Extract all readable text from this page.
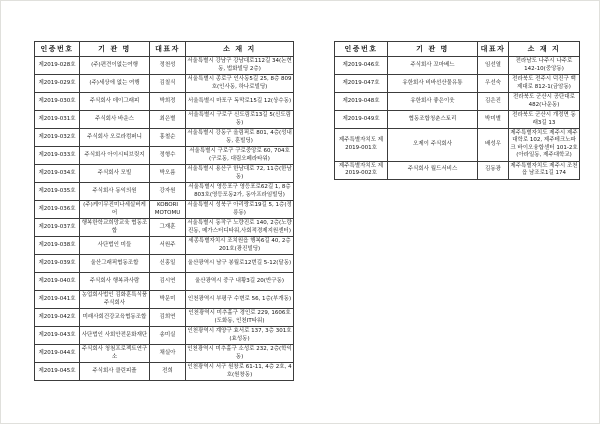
인증번호	기 관 명	대표자	소 재 지
제2019-028호	(주)편견이없는여행	정천성	서울특별시 강남구 강남대로112길 34(논현동, 법화빌딩 2층)
제2019-029호	(주)세상에 없는 여행	김칠식	서울특별시 종로구 인사동5길 25, 8층 809호(인사동, 하나로빌딩)
제2019-030호	주식회사 데이그래피	박희정	서울특별시 마포구 독막로15길 12(상수동)
제2019-031호	주식회사 바운스	최은별	서울특별시 구로구 신도림로13길 5(신도림동)
제2019-032호	주식회사 오로라컴퍼니	홍철순	서울특별시 강동구 올림픽로 801, 4층(성내동, 훈빌딩)
제2019-033호	주식회사 아이시티브릿지	정형수	서울특별시 구로구 구로중앙로 60, 704호(구로동, 대림오페라타워)
제2019-034호	주식회사 모빌	박오름	서울특별시 용산구 한남대로 72, 11층(한남동)
제2019-035호	주식회사 동익의원	강자원	서울특별시 영등포구 영등포로62길 1, 8층 803호(영등포동2가, 동아프라임빌딩)
제2019-036호	(주)케이무진미나세실버케어	KOBORI MOTOMU	서울특별시 성북구 아리랑로19길 5, 1층(정릉동)
제2019-037호	행복한학교희망교육 협동조합	그재훈	서울특별시 동작구 노량진로 140, 2층(노량진동, 메가스터디타워,사회적경제지원센터)
제2019-038호	사단법인 미들	서원주	세종특별자치시 조치원읍 행복6길 40, 2층 201호(광진빌딩)
제2019-039호	울산그래픽협동조합	신홍일	울산광역시 남구 봉월로12번길 5-12(달동)
제2019-040호	주식회사 행복과사람	김시연	울산광역시 중구 내황3길 20(반구동)
제2019-041호	농업회사법인 김화훈특식품주식회사	박문미	인천광역시 부평구 수변로 56, 1층(부개동)
제2019-042호	미래사회건강교육협동조합	김희연	인천광역시 미추홀구 경인로 229, 1606호(도화동, 인천IT타워)
제2019-043호	사단법인 사회안전문화재단	송미실	인천광역시 계양구 효서로 137, 3층 301호(효성동)
제2019-044호	주식회사 청첨프로젝트연구소	채실아	인천광역시 미추홀구 소성로 232, 2층(학익동)
제2019-045호	주식회사 클린피플	전희	인천광역시 서구 원창로 61-11, 4층 2호, 4호(원창동)
인증번호	기 관 명	대표자	소 재 지
제2019-046호	주식회사 꼬마베느	임선열	전라남도 나주시 나주로 142-10(중앙동)
제2019-047호	유한회사 비바선산물유통	우선숙	전라북도 전주시 덕진구 백제대로 812-1(금암동)
제2019-048호	유한회사 좋은이웃	김은진	전라북도 군산시 공단대로 482(나운동)
제2019-049호	협동조합청춘스토리	박미별	전라북도 군산시 개정면 동래3길 13
제주특별자치도 제2019-001호	오제이 주식회사	배성우	제주특별자치도 제주시 제주대학로 102, 제주테크노파크 바이오융합센터 101-2호(아라일동, 제주대학교)
제주특별자치도 제2019-002호	주식회사 월드서비스	김동광	제주특별자치도 제주시 조천읍 남조로1길 174
